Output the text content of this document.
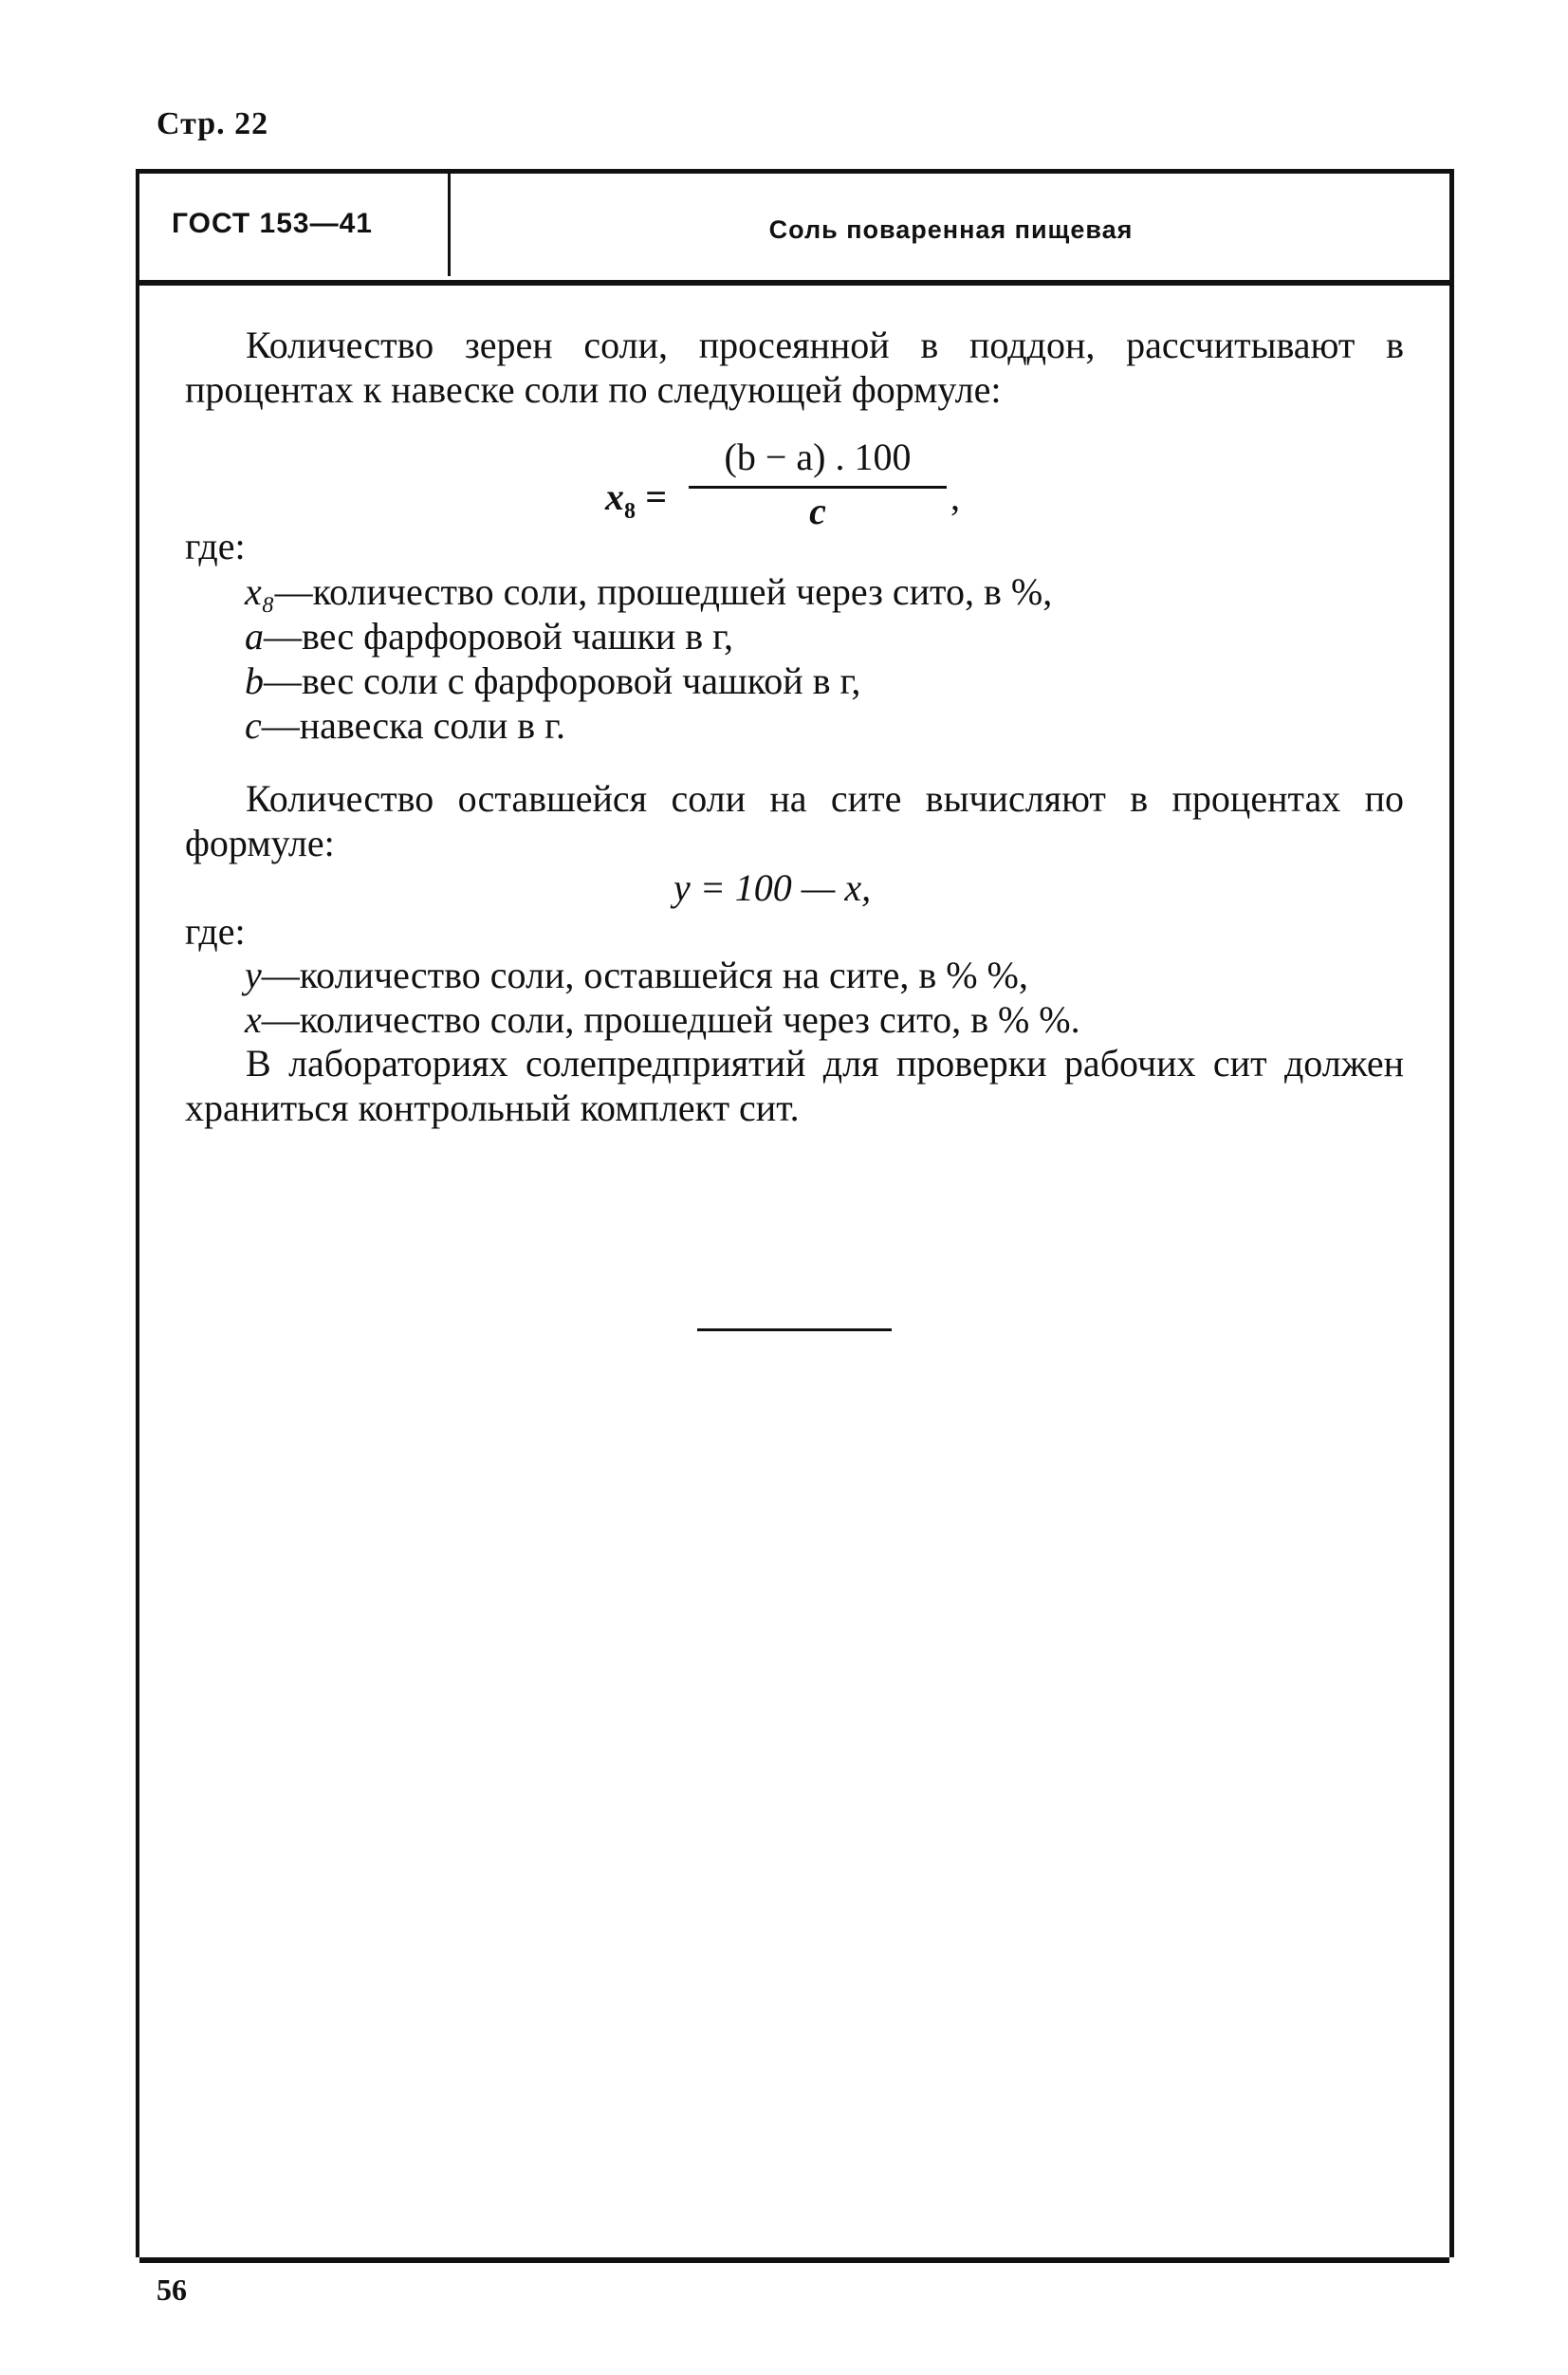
Стр. 22
ГОСТ 153—41	Соль поваренная пищевая

Количество зерен соли, просеянной в поддон, рассчитывают в процентах к навеске соли по следующей формуле:

$x_8 = \frac{(b - a) . 100}{c}$ ,
где:
x₈—количество соли, прошедшей через сито, в %,
a—вес фарфоровой чашки в г,
b—вес соли с фарфоровой чашкой в г,
c—навеска соли в г.

Количество оставшейся соли на сите вычисляют в процентах по формуле:

y = 100 — x,
где:
y—количество соли, оставшейся на сите, в % %,
x—количество соли, прошедшей через сито, в % %.

В лабораториях солепредприятий для проверки рабочих сит должен храниться контрольный комплект сит.

56
